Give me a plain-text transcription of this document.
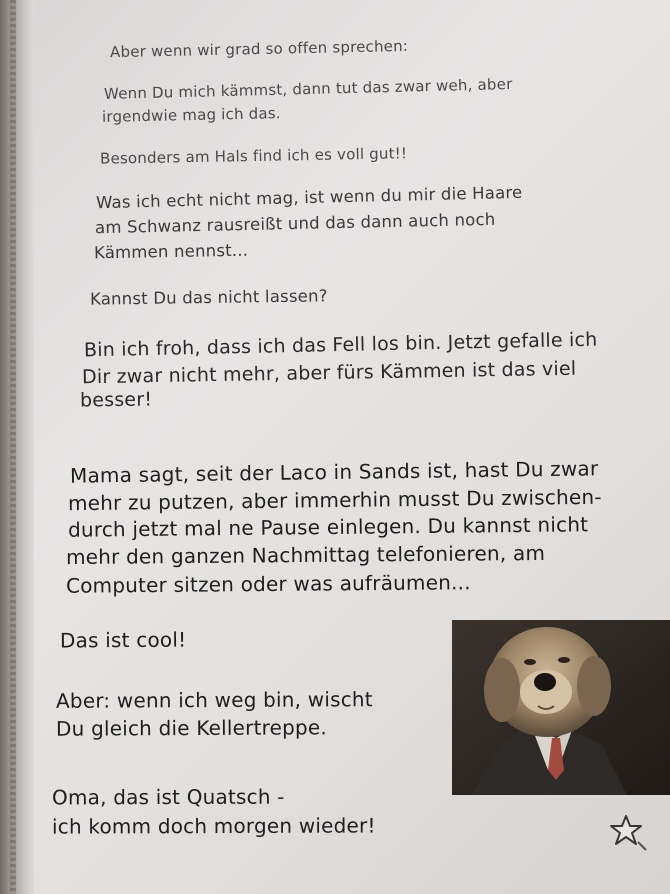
Aber wenn wir grad so offen sprechen:
Wenn Du mich kämmst, dann tut das zwar weh, aber
irgendwie mag ich das.
Besonders am Hals find ich es voll gut!!
Was ich echt nicht mag, ist wenn du mir die Haare
am Schwanz rausreißt und das dann auch noch
Kämmen nennst...
Kannst Du das nicht lassen?
Bin ich froh, dass ich das Fell los bin. Jetzt gefalle ich
Dir zwar nicht mehr, aber fürs Kämmen ist das viel
besser!
Mama sagt, seit der Laco in Sands ist, hast Du zwar
mehr zu putzen, aber immerhin musst Du zwischen-
durch jetzt mal ne Pause einlegen. Du kannst nicht
mehr den ganzen Nachmittag telefonieren, am
Computer sitzen oder was aufräumen...
Das ist cool!
Aber: wenn ich weg bin, wischt
Du gleich die Kellertreppe.
Oma, das ist Quatsch -
ich komm doch morgen wieder!
